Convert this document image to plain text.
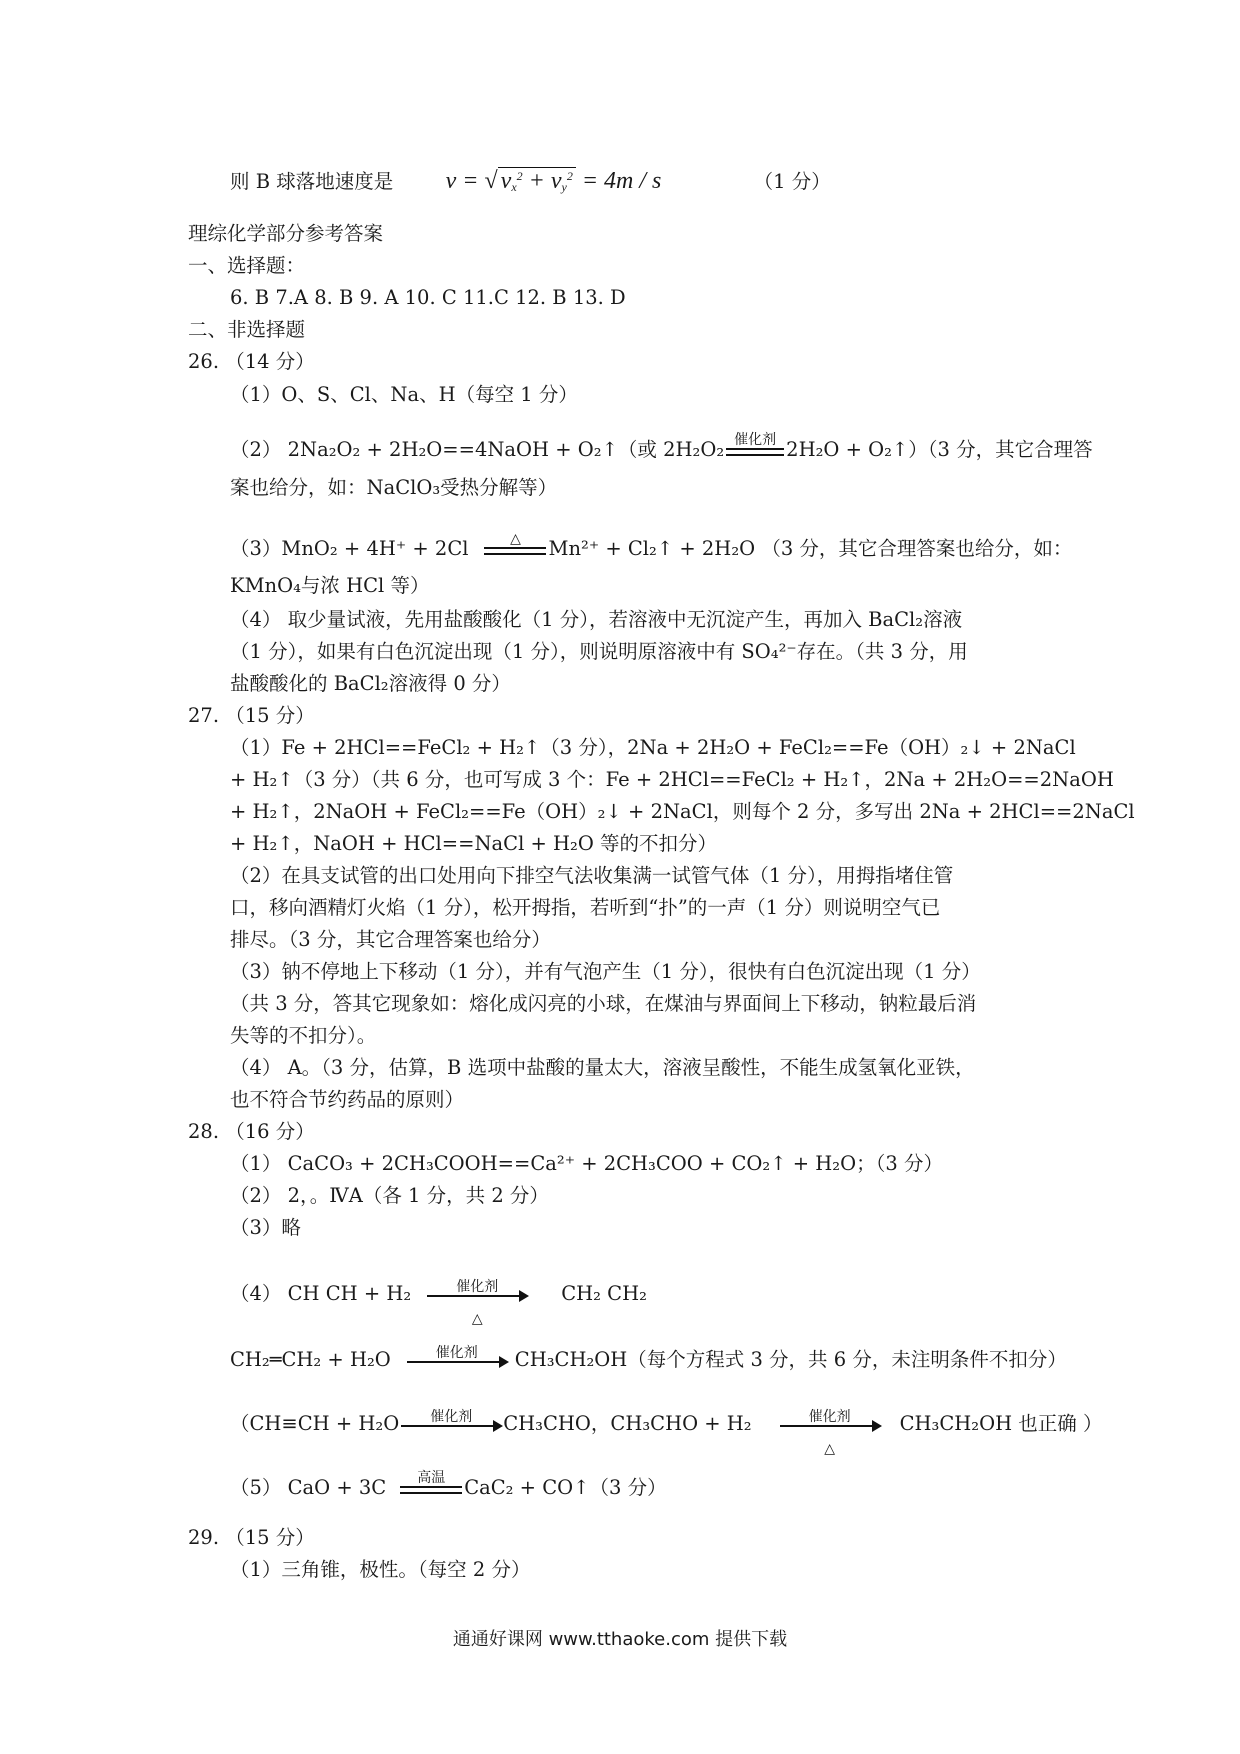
则 B 球落地速度是 v = √ $v_x^2 + v_y^2 = 4m / s$	（1 分）
理综化学部分参考答案
一、选择题：
6. B 7.A 8. B 9. A 10. C 11.C 12. B 13. D
二、非选择题
26. （14 分）
（1）O、S、Cl、Na、H（每空 1 分）
（2） 2Na₂O₂ + 2H₂O==4NaOH + O₂↑（或 2H₂O₂ 催化剂 2H₂O + O₂↑）（3 分，其它合理答
案也给分，如：NaClO₃受热分解等）
（3）MnO₂ + 4H⁺ + 2Cl	△	Mn²⁺ + Cl₂↑ + 2H₂O （3 分，其它合理答案也给分，如：
KMnO₄与浓 HCl 等）
（4） 取少量试液，先用盐酸酸化（1 分），若溶液中无沉淀产生，再加入 BaCl₂溶液
（1 分），如果有白色沉淀出现（1 分），则说明原溶液中有 SO₄²⁻存在。（共 3 分，用
盐酸酸化的 BaCl₂溶液得 0 分）
27. （15 分）
（1）Fe + 2HCl==FeCl₂ + H₂↑（3 分），2Na + 2H₂O + FeCl₂==Fe（OH）₂↓ + 2NaCl
+ H₂↑（3 分）（共 6 分，也可写成 3 个：Fe + 2HCl==FeCl₂ + H₂↑，2Na + 2H₂O==2NaOH
+ H₂↑，2NaOH + FeCl₂==Fe（OH）₂↓ + 2NaCl，则每个 2 分，多写出 2Na + 2HCl==2NaCl
+ H₂↑，NaOH + HCl==NaCl + H₂O 等的不扣分）
（2）在具支试管的出口处用向下排空气法收集满一试管气体（1 分），用拇指堵住管
口，移向酒精灯火焰（1 分），松开拇指，若听到“扑”的一声（1 分）则说明空气已
排尽。（3 分，其它合理答案也给分）
（3）钠不停地上下移动（1 分），并有气泡产生（1 分），很快有白色沉淀出现（1 分）
（共 3 分，答其它现象如：熔化成闪亮的小球，在煤油与界面间上下移动，钠粒最后消
失等的不扣分）。
（4） A。（3 分，估算，B 选项中盐酸的量太大，溶液呈酸性，不能生成氢氧化亚铁，
也不符合节约药品的原则）
28. （16 分）
（1） CaCO₃ + 2CH₃COOH==Ca²⁺ + 2CH₃COO + CO₂↑ + H₂O；（3 分）
（2） 2，。ⅣA（各 1 分，共 2 分）
（3）略
（4） CH CH + H₂	催化剂
△
CH₂ CH₂
CH₂═CH₂ + H₂O	催化剂	CH₃CH₂OH（每个方程式 3 分，共 6 分，未注明条件不扣分）
（CH≡CH + H₂O	催化剂	CH₃CHO，CH₃CHO + H₂	催化剂
△
CH₃CH₂OH 也正确 ）
（5） CaO + 3C	高温 CaC₂ + CO↑（3 分）
29. （15 分）
（1）三角锥，极性。（每空 2 分）
通通好课网 www.tthaoke.com 提供下载
